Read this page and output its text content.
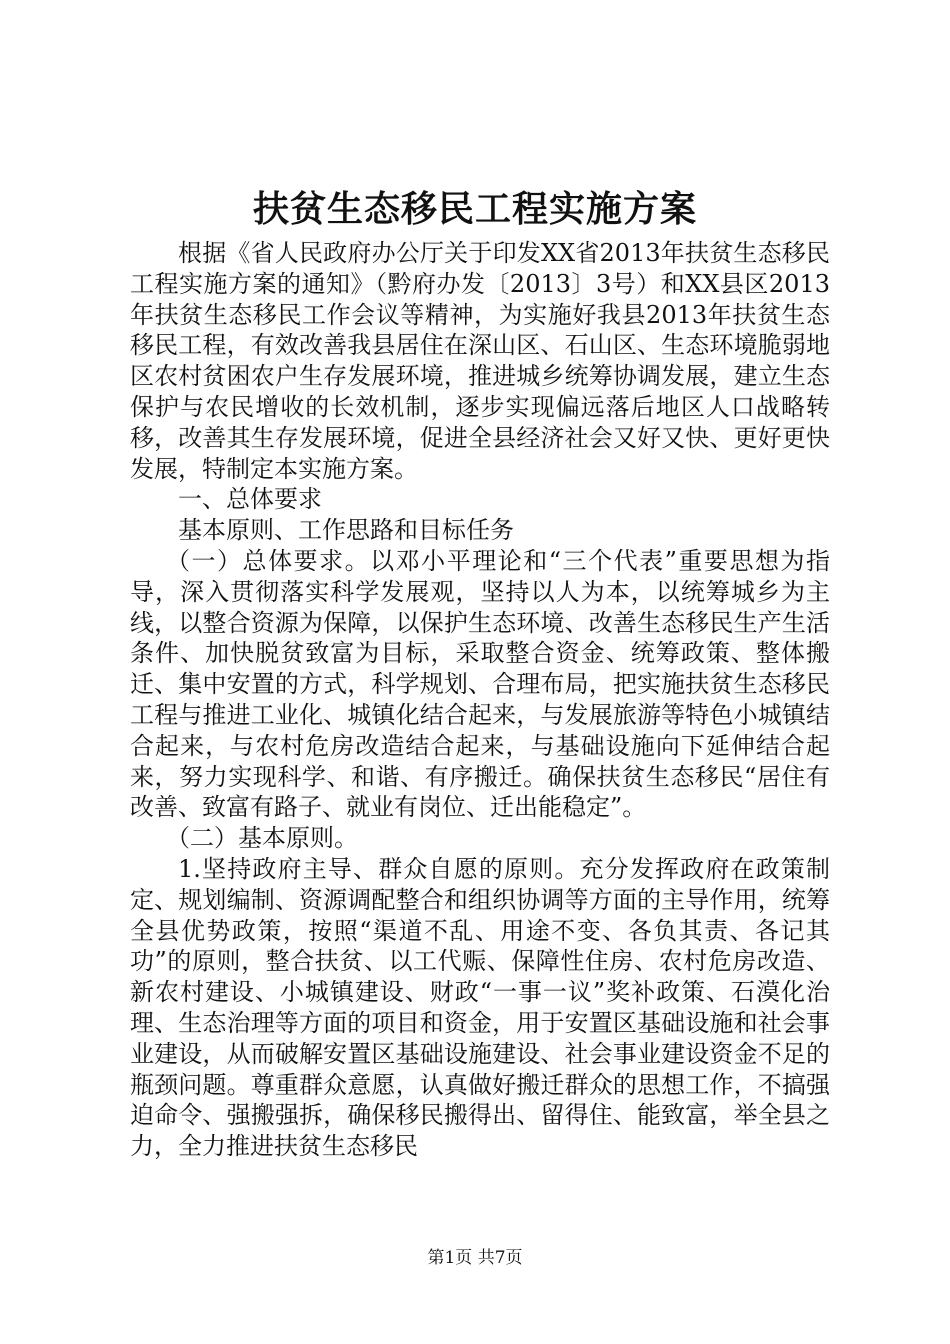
扶贫生态移民工程实施方案

根据《省人民政府办公厅关于印发XX省2013年扶贫生态移民工程实施方案的通知》（黔府办发〔2013〕3号）和XX县区2013年扶贫生态移民工作会议等精神，为实施好我县2013年扶贫生态移民工程，有效改善我县居住在深山区、石山区、生态环境脆弱地区农村贫困农户生存发展环境，推进城乡统筹协调发展，建立生态保护与农民增收的长效机制，逐步实现偏远落后地区人口战略转移，改善其生存发展环境，促进全县经济社会又好又快、更好更快发展，特制定本实施方案。

一、总体要求

基本原则、工作思路和目标任务

（一）总体要求。以邓小平理论和“三个代表”重要思想为指导，深入贯彻落实科学发展观，坚持以人为本，以统筹城乡为主线，以整合资源为保障，以保护生态环境、改善生态移民生产生活条件、加快脱贫致富为目标，采取整合资金、统筹政策、整体搬迁、集中安置的方式，科学规划、合理布局，把实施扶贫生态移民工程与推进工业化、城镇化结合起来，与发展旅游等特色小城镇结合起来，与农村危房改造结合起来，与基础设施向下延伸结合起来，努力实现科学、和谐、有序搬迁。确保扶贫生态移民“居住有改善、致富有路子、就业有岗位、迁出能稳定”。

（二）基本原则。

1.坚持政府主导、群众自愿的原则。充分发挥政府在政策制定、规划编制、资源调配整合和组织协调等方面的主导作用，统筹全县优势政策，按照“渠道不乱、用途不变、各负其责、各记其功”的原则，整合扶贫、以工代赈、保障性住房、农村危房改造、新农村建设、小城镇建设、财政“一事一议”奖补政策、石漠化治理、生态治理等方面的项目和资金，用于安置区基础设施和社会事业建设，从而破解安置区基础设施建设、社会事业建设资金不足的瓶颈问题。尊重群众意愿，认真做好搬迁群众的思想工作，不搞强迫命令、强搬强拆，确保移民搬得出、留得住、能致富，举全县之力，全力推进扶贫生态移民

第1页 共7页
